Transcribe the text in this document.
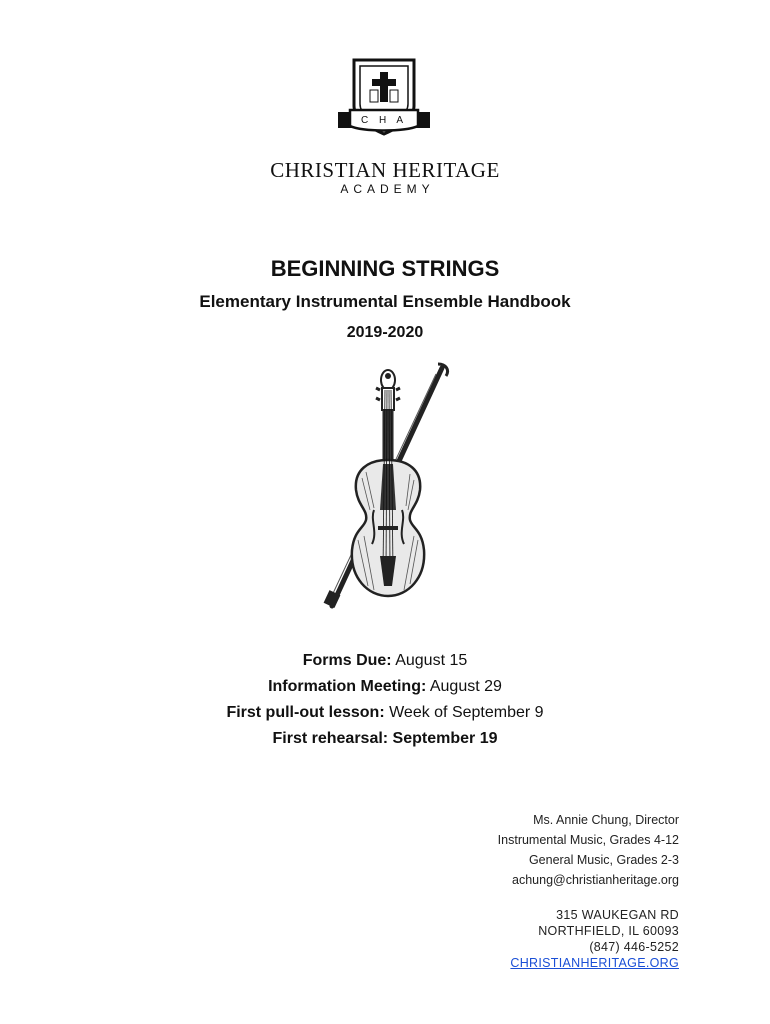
C H A
CHRISTIAN HERITAGE
ACADEMY
BEGINNING STRINGS
Elementary Instrumental Ensemble Handbook
2019-2020
Forms Due: August 15
Information Meeting: August 29
First pull-out lesson: Week of September 9
First rehearsal: September 19
Ms. Annie Chung, Director
Instrumental Music, Grades 4-12
General Music, Grades 2-3
achung@christianheritage.org
315 WAUKEGAN RD
NORTHFIELD, IL 60093
(847) 446-5252
CHRISTIANHERITAGE.ORG
